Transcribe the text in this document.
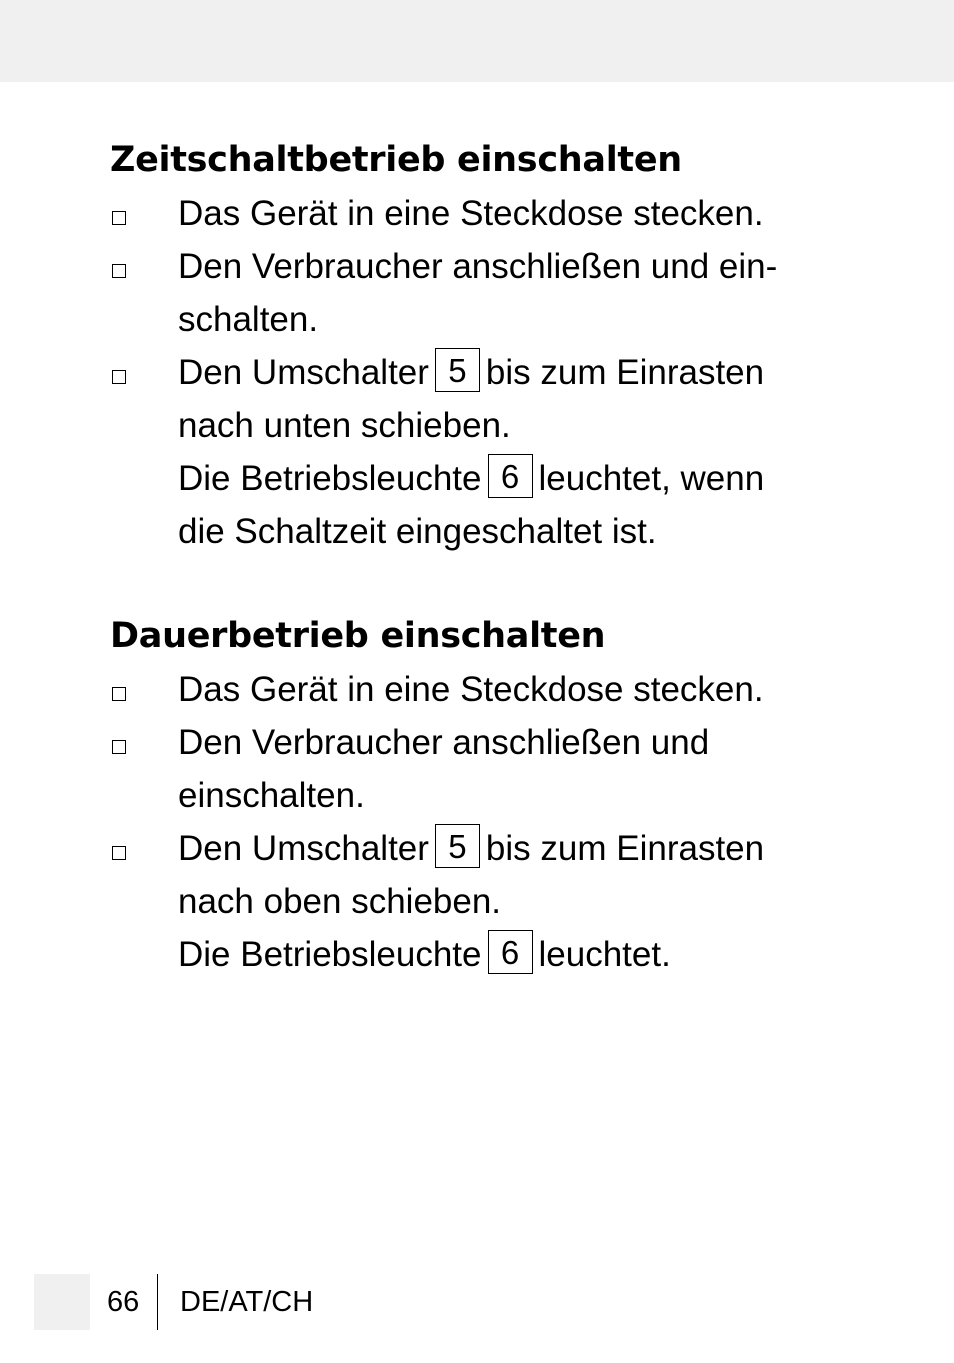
Zeitschaltbetrieb einschalten
Das Gerät in eine Steckdose stecken.
Den Verbraucher anschließen und ein-
schalten.
Den Umschalter 5 bis zum Einrasten
nach unten schieben.
Die Betriebsleuchte 6 leuchtet, wenn
die Schaltzeit eingeschaltet ist.
Dauerbetrieb einschalten
Das Gerät in eine Steckdose stecken.
Den Verbraucher anschließen und
einschalten.
Den Umschalter 5 bis zum Einrasten
nach oben schieben.
Die Betriebsleuchte 6 leuchtet.
66 DE/AT/CH
